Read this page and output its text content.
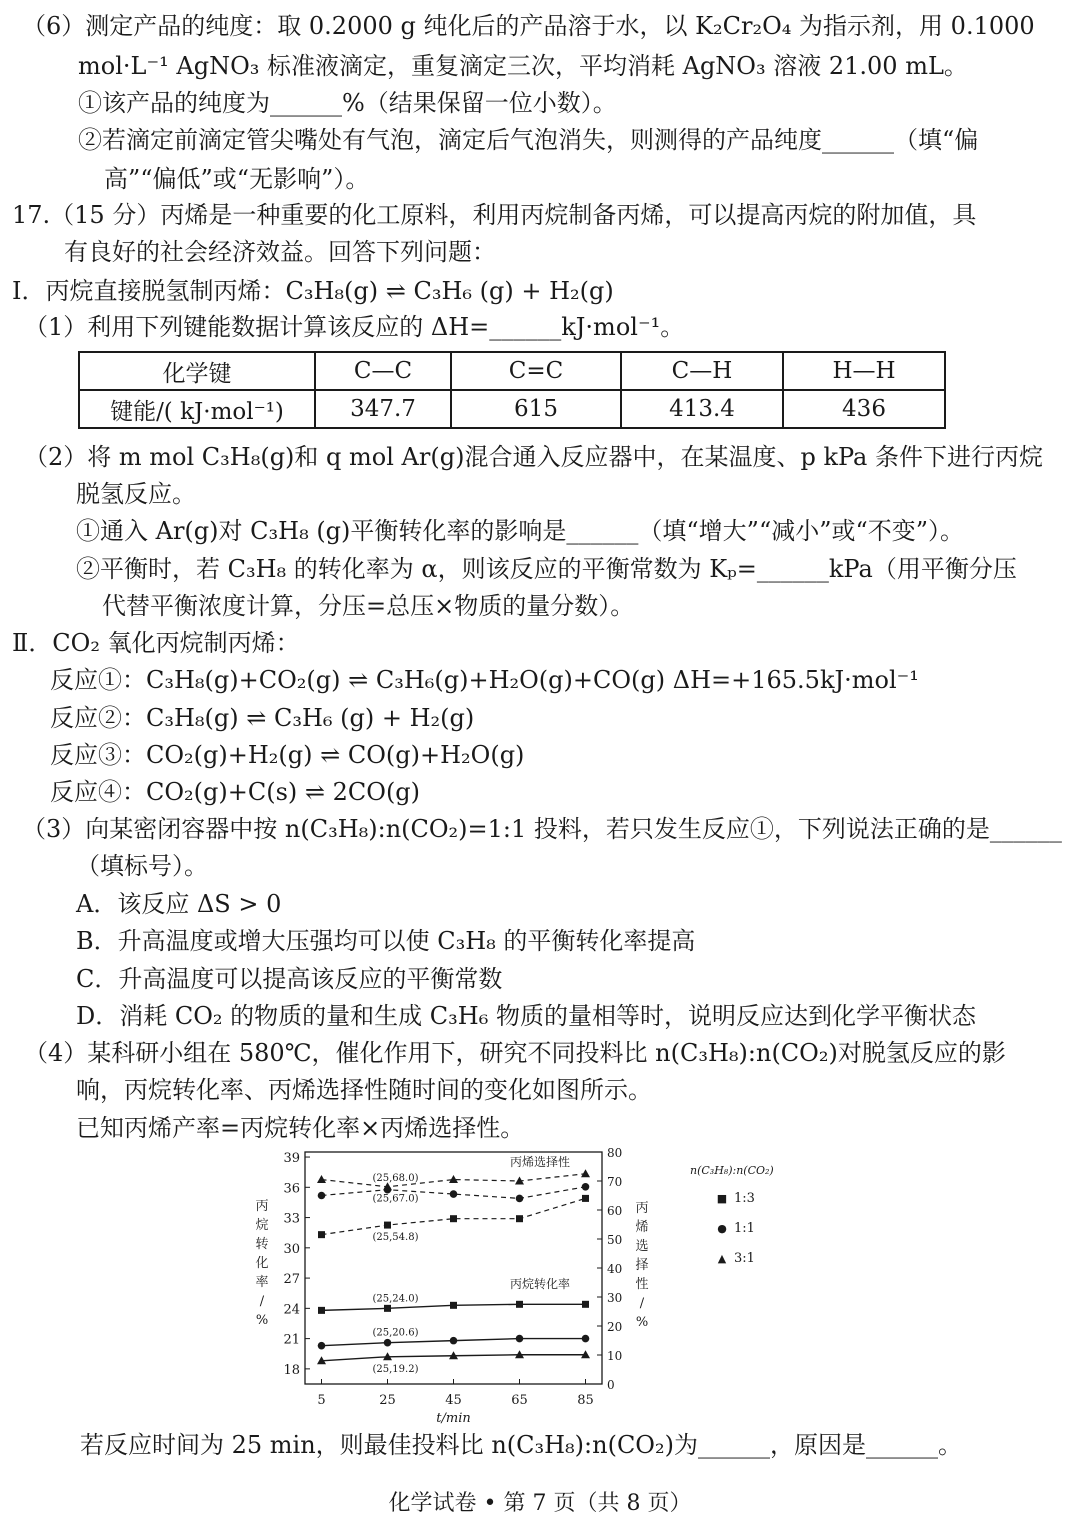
（6）测定产品的纯度：取 0.2000 g 纯化后的产品溶于水，以 K₂Cr₂O₄ 为指示剂，用 0.1000
mol·L⁻¹ AgNO₃ 标准液滴定，重复滴定三次，平均消耗 AgNO₃ 溶液 21.00 mL。
①该产品的纯度为______%（结果保留一位小数）。
②若滴定前滴定管尖嘴处有气泡，滴定后气泡消失，则测得的产品纯度______（填“偏
高”“偏低”或“无影响”）。
17.（15 分）丙烯是一种重要的化工原料，利用丙烷制备丙烯，可以提高丙烷的附加值，具
有良好的社会经济效益。回答下列问题：
I．丙烷直接脱氢制丙烯：C₃H₈(g) ⇌ C₃H₆ (g) + H₂(g)
（1）利用下列键能数据计算该反应的 ΔH=______kJ·mol⁻¹。
化学键	C—C	C=C	C—H	H—H
键能/( kJ·mol⁻¹)	347.7	615	413.4	436
（2）将 m mol C₃H₈(g)和 q mol Ar(g)混合通入反应器中，在某温度、p kPa 条件下进行丙烷
脱氢反应。
①通入 Ar(g)对 C₃H₈ (g)平衡转化率的影响是______（填“增大”“减小”或“不变”）。
②平衡时，若 C₃H₈ 的转化率为 α，则该反应的平衡常数为 Kₚ=______kPa（用平衡分压
代替平衡浓度计算，分压=总压×物质的量分数）。
Ⅱ．CO₂ 氧化丙烷制丙烯：
反应①：C₃H₈(g)+CO₂(g) ⇌ C₃H₆(g)+H₂O(g)+CO(g) ΔH=+165.5kJ·mol⁻¹
反应②：C₃H₈(g) ⇌ C₃H₆ (g) + H₂(g)
反应③：CO₂(g)+H₂(g) ⇌ CO(g)+H₂O(g)
反应④：CO₂(g)+C(s) ⇌ 2CO(g)
（3）向某密闭容器中按 n(C₃H₈):n(CO₂)=1:1 投料，若只发生反应①，下列说法正确的是______
（填标号）。
A．该反应 ΔS > 0
B．升高温度或增大压强均可以使 C₃H₈ 的平衡转化率提高
C．升高温度可以提高该反应的平衡常数
D．消耗 CO₂ 的物质的量和生成 C₃H₆ 物质的量相等时，说明反应达到化学平衡状态
（4）某科研小组在 580℃，催化作用下，研究不同投料比 n(C₃H₈):n(CO₂)对脱氢反应的影
响，丙烷转化率、丙烯选择性随时间的变化如图所示。
已知丙烯产率=丙烷转化率×丙烯选择性。
18
21
24
27
30
33
36
39
0
10
20
30
40
50
60
70
80
5	25	45	65	85
t/min
丙
烷
转
化
率
/
%
丙
烯
选
择
性
/
%
丙烯选择性
丙烷转化率
(25,68.0)
(25,67.0)
(25,54.8)
(25,24.0)
(25,20.6)
(25,19.2)
n(C₃H₈):n(CO₂)
■ 1:3
● 1:1
▲ 3:1
若反应时间为 25 min，则最佳投料比 n(C₃H₈):n(CO₂)为______，原因是______。
化学试卷 • 第 7 页（共 8 页）
